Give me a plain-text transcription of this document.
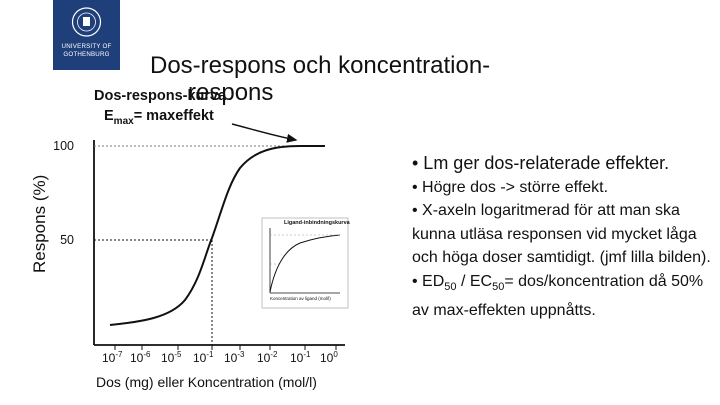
UNIVERSITY OF
GOTHENBURG	Dos-respons och koncentration-
respons
Dos-respons-kurva
$E_{max}=$ maxeffekt
Ligand-inbindningskurva
Koncentration av ligand (mol/l)
Respons (%)
Dos (mg) eller Koncentration (mol/l)
100
50
$10^{-7}$ $10^{-6}$ $10^{-5}$ $10^{-1}$ $10^{-3}$ $10^{-2}$ $10^{-1}$ $10^0$

• Lm ger dos-relaterade effekter.

• Högre dos -> större effekt.

• X-axeln logaritmerad för att man ska kunna utläsa responsen vid mycket låga och höga doser samtidigt. (jmf lilla bilden).

• $ED_{50} / EC_{50}=$ dos/koncentration då 50% av max-effekten uppnåtts.
